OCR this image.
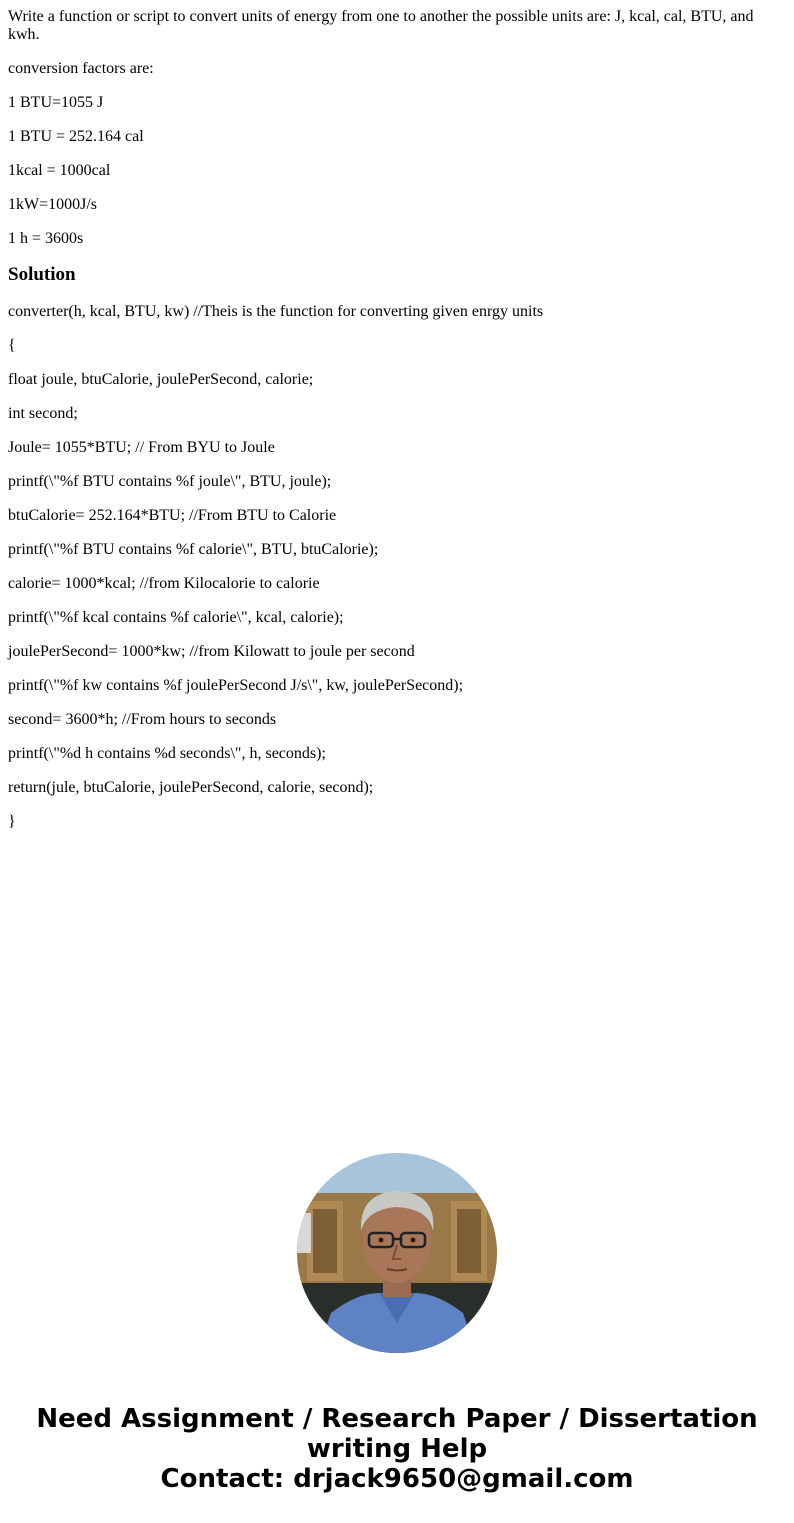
Write a function or script to convert units of energy from one to another the possible units are: J, kcal, cal, BTU, and kwh.

conversion factors are:

1 BTU=1055 J

1 BTU = 252.164 cal

1kcal = 1000cal

1kW=1000J/s

1 h = 3600s

Solution

converter(h, kcal, BTU, kw) //Theis is the function for converting given enrgy units

{

float joule, btuCalorie, joulePerSecond, calorie;

int second;

Joule= 1055*BTU; // From BYU to Joule

printf(\"%f BTU contains %f joule\", BTU, joule);

btuCalorie= 252.164*BTU; //From BTU to Calorie

printf(\"%f BTU contains %f calorie\", BTU, btuCalorie);

calorie= 1000*kcal; //from Kilocalorie to calorie

printf(\"%f kcal contains %f calorie\", kcal, calorie);

joulePerSecond= 1000*kw; //from Kilowatt to joule per second

printf(\"%f kw contains %f joulePerSecond J/s\", kw, joulePerSecond);

second= 3600*h; //From hours to seconds

printf(\"%d h contains %d seconds\", h, seconds);

return(jule, btuCalorie, joulePerSecond, calorie, second);

}

Need Assignment / Research Paper / Dissertation
writing Help
Contact: drjack9650@gmail.com
